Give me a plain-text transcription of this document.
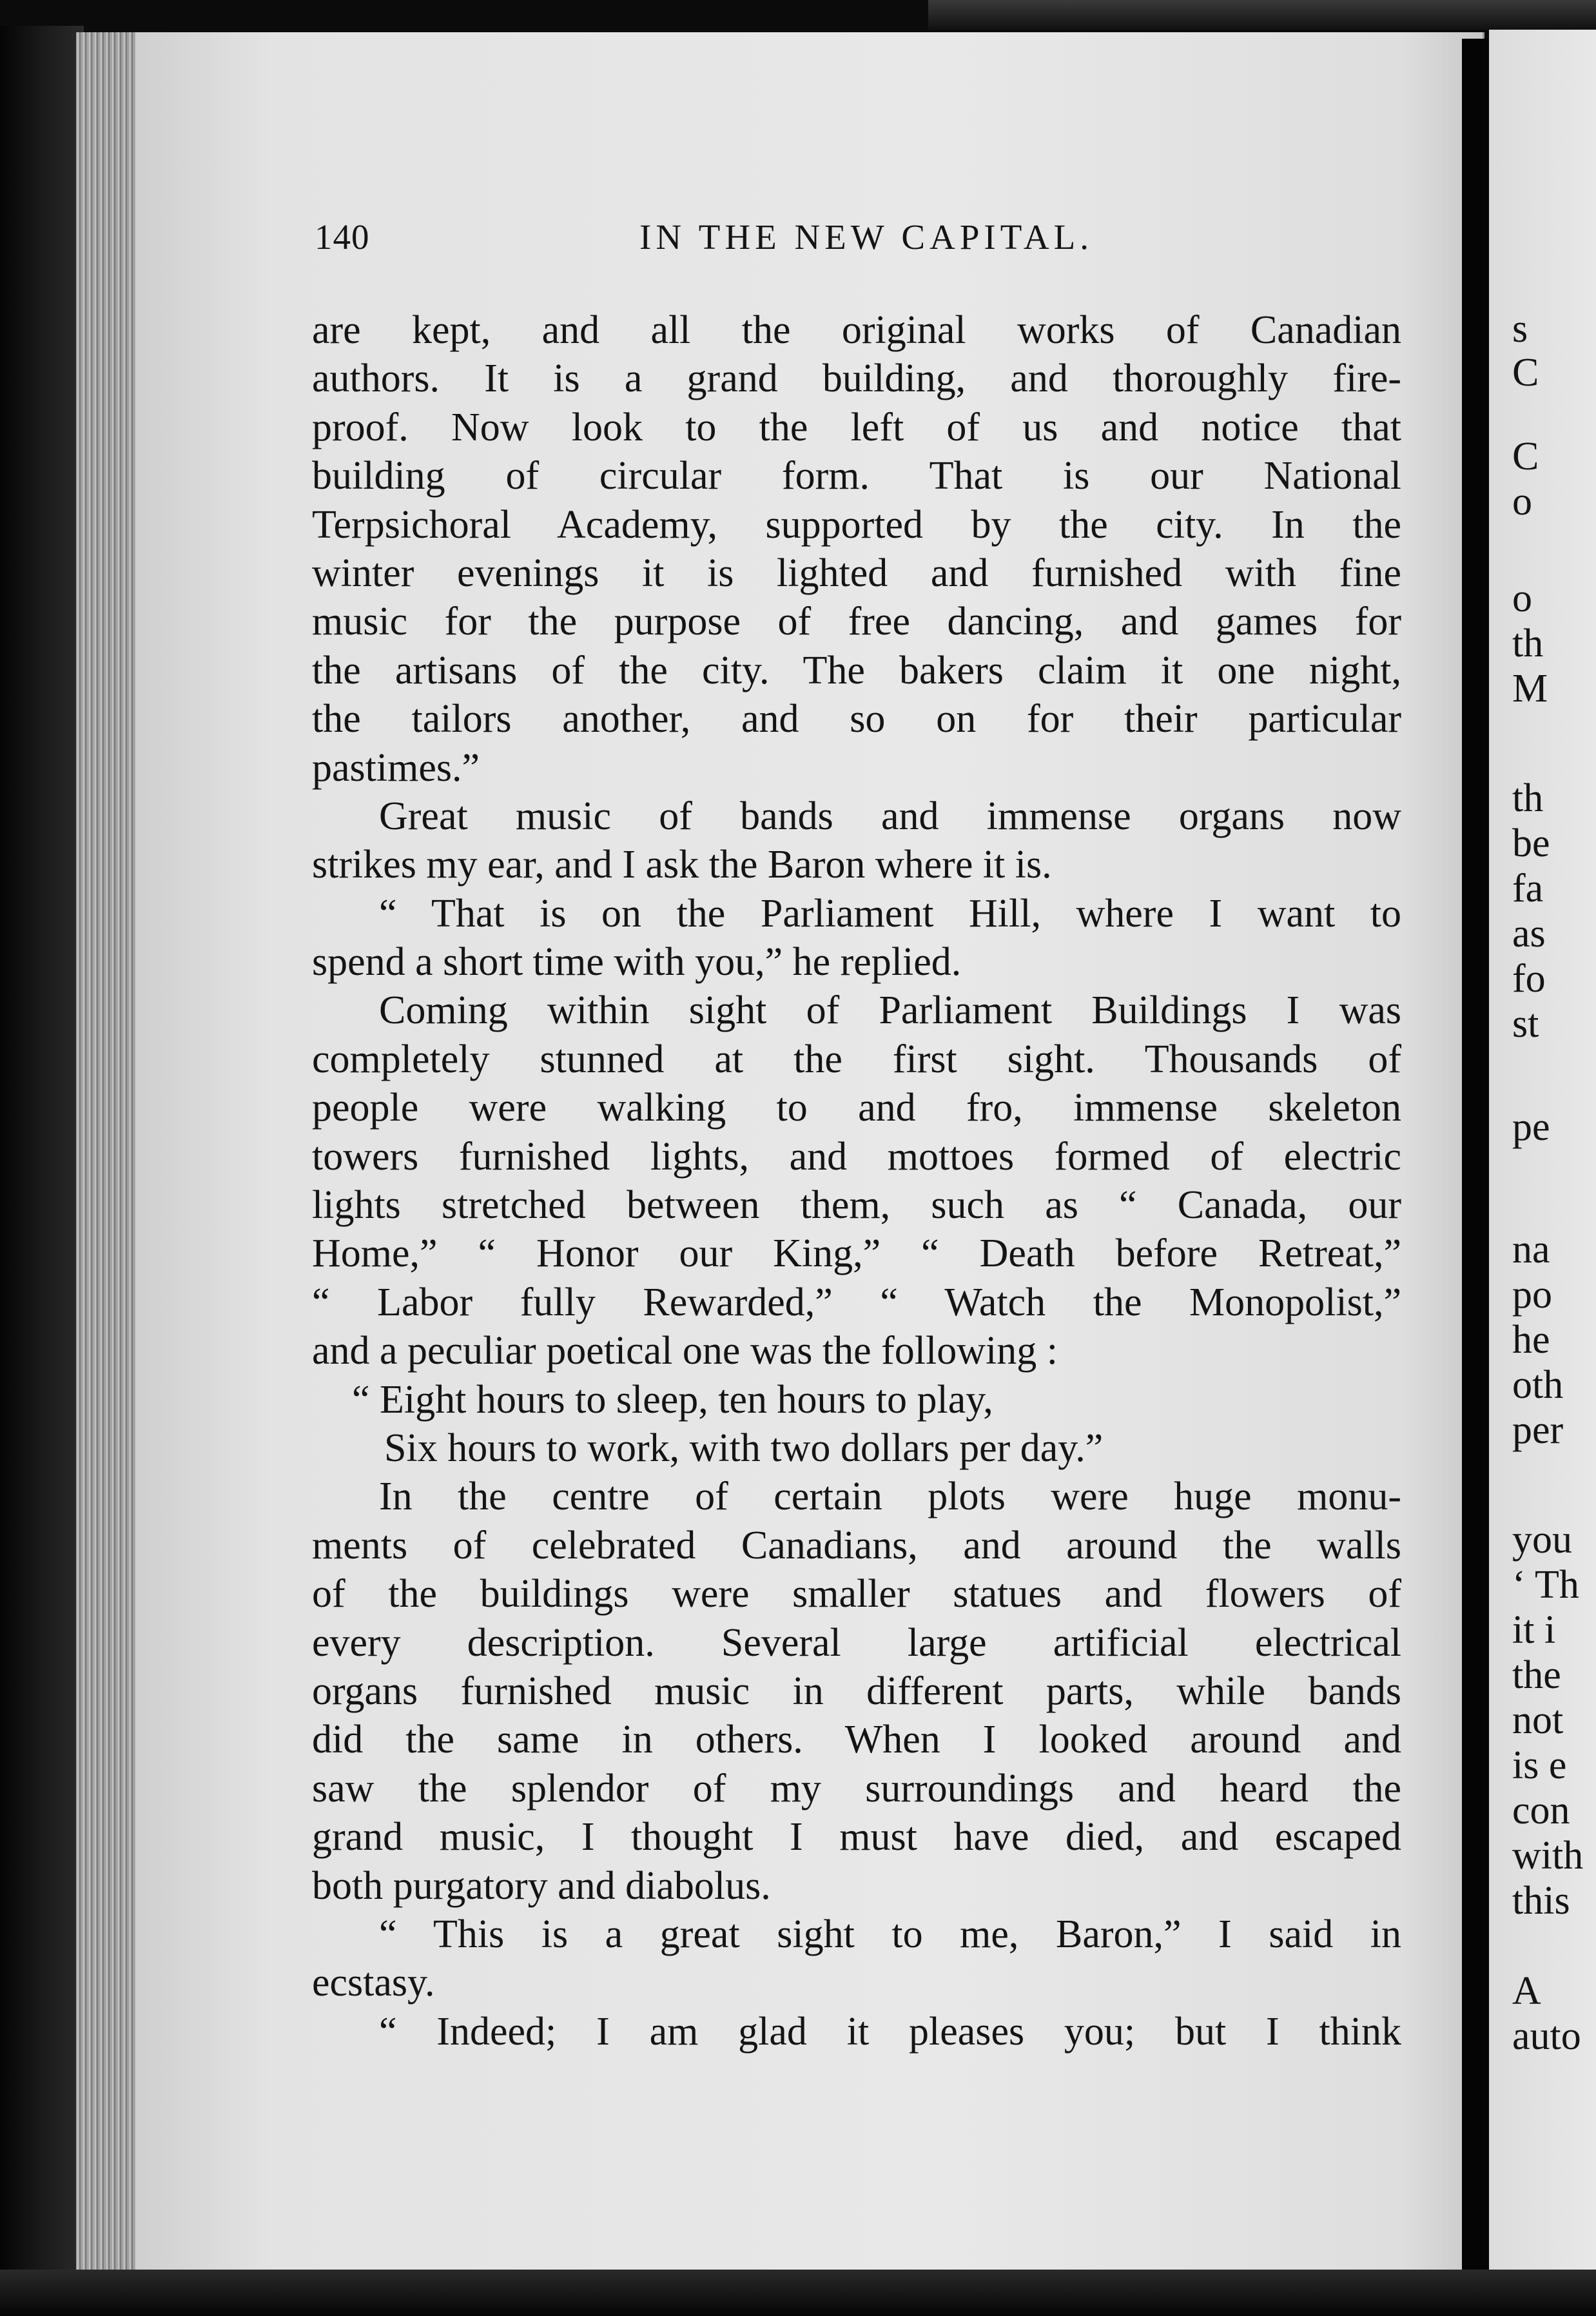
140	IN THE NEW CAPITAL.
are kept, and all the original works of Canadian
authors. It is a grand building, and thoroughly fire-
proof. Now look to the left of us and notice that
building of circular form. That is our National
Terpsichoral Academy, supported by the city. In the
winter evenings it is lighted and furnished with fine
music for the purpose of free dancing, and games for
the artisans of the city. The bakers claim it one night,
the tailors another, and so on for their particular
pastimes.”
Great music of bands and immense organs now
strikes my ear, and I ask the Baron where it is.
“ That is on the Parliament Hill, where I want to
spend a short time with you,” he replied.
Coming within sight of Parliament Buildings I was
completely stunned at the first sight. Thousands of
people were walking to and fro, immense skeleton
towers furnished lights, and mottoes formed of electric
lights stretched between them, such as “ Canada, our
Home,” “ Honor our King,” “ Death before Retreat,”
“ Labor fully Rewarded,” “ Watch the Monopolist,”
and a peculiar poetical one was the following :
“ Eight hours to sleep, ten hours to play,
Six hours to work, with two dollars per day.”
In the centre of certain plots were huge monu-
ments of celebrated Canadians, and around the walls
of the buildings were smaller statues and flowers of
every description. Several large artificial electrical
organs furnished music in different parts, while bands
did the same in others. When I looked around and
saw the splendor of my surroundings and heard the
grand music, I thought I must have died, and escaped
both purgatory and diabolus.
“ This is a great sight to me, Baron,” I said in
ecstasy.
“ Indeed; I am glad it pleases you; but I think
s
C
C
o
o
th
M
th
be
fa
as
fo
st
pe
na
po
he
oth
per
you
‘ Th
it i
the
not
is e
con
with
this
A
auto
